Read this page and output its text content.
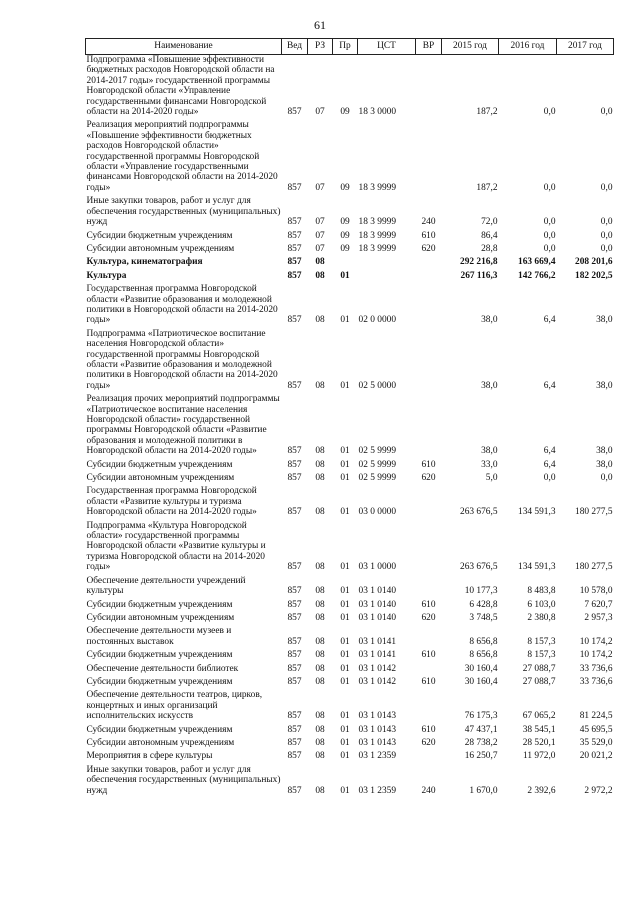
61
Наименование	Вед	РЗ	Пр	ЦСТ	ВР	2015 год	2016 год	2017 год
Подпрограмма «Повышение эффективности бюджетных расходов Новгородской области на 2014-2017 годы» государственной программы Новгородской области «Управление государственными финансами Новгородской области на 2014-2020 годы»	857	07	09	18 3 0000		187,2	0,0	0,0
Реализация мероприятий подпрограммы «Повышение эффективности бюджетных расходов Новгородской области» государственной программы Новгородской области «Управление государственными финансами Новгородской области на 2014-2020 годы»	857	07	09	18 3 9999		187,2	0,0	0,0
Иные закупки товаров, работ и услуг для обеспечения государственных (муниципальных) нужд	857	07	09	18 3 9999	240	72,0	0,0	0,0
Субсидии бюджетным учреждениям	857	07	09	18 3 9999	610	86,4	0,0	0,0
Субсидии автономным учреждениям	857	07	09	18 3 9999	620	28,8	0,0	0,0
Культура, кинематография	857	08				292 216,8	163 669,4	208 201,6
Культура	857	08	01			267 116,3	142 766,2	182 202,5
Государственная программа Новгородской области «Развитие образования и молодежной политики в Новгородской области на 2014-2020 годы»	857	08	01	02 0 0000		38,0	6,4	38,0
Подпрограмма «Патриотическое воспитание населения Новгородской области» государственной программы Новгородской области «Развитие образования и молодежной политики в Новгородской области на 2014-2020 годы»	857	08	01	02 5 0000		38,0	6,4	38,0
Реализация прочих мероприятий подпрограммы «Патриотическое воспитание населения Новгородской области» государственной программы Новгородской области «Развитие образования и молодежной политики в Новгородской области на 2014-2020 годы»	857	08	01	02 5 9999		38,0	6,4	38,0
Субсидии бюджетным учреждениям	857	08	01	02 5 9999	610	33,0	6,4	38,0
Субсидии автономным учреждениям	857	08	01	02 5 9999	620	5,0	0,0	0,0
Государственная программа Новгородской области «Развитие культуры и туризма Новгородской области на 2014-2020 годы»	857	08	01	03 0 0000		263 676,5	134 591,3	180 277,5
Подпрограмма «Культура Новгородской области» государственной программы Новгородской области «Развитие культуры и туризма Новгородской области на 2014-2020 годы»	857	08	01	03 1 0000		263 676,5	134 591,3	180 277,5
Обеспечение деятельности учреждений культуры	857	08	01	03 1 0140		10 177,3	8 483,8	10 578,0
Субсидии бюджетным учреждениям	857	08	01	03 1 0140	610	6 428,8	6 103,0	7 620,7
Субсидии автономным учреждениям	857	08	01	03 1 0140	620	3 748,5	2 380,8	2 957,3
Обеспечение деятельности музеев и постоянных выставок	857	08	01	03 1 0141		8 656,8	8 157,3	10 174,2
Субсидии бюджетным учреждениям	857	08	01	03 1 0141	610	8 656,8	8 157,3	10 174,2
Обеспечение деятельности библиотек	857	08	01	03 1 0142		30 160,4	27 088,7	33 736,6
Субсидии бюджетным учреждениям	857	08	01	03 1 0142	610	30 160,4	27 088,7	33 736,6
Обеспечение деятельности театров, цирков, концертных и иных организаций исполнительских искусств	857	08	01	03 1 0143		76 175,3	67 065,2	81 224,5
Субсидии бюджетным учреждениям	857	08	01	03 1 0143	610	47 437,1	38 545,1	45 695,5
Субсидии автономным учреждениям	857	08	01	03 1 0143	620	28 738,2	28 520,1	35 529,0
Мероприятия в сфере культуры	857	08	01	03 1 2359		16 250,7	11 972,0	20 021,2
Иные закупки товаров, работ и услуг для обеспечения государственных (муниципальных) нужд	857	08	01	03 1 2359	240	1 670,0	2 392,6	2 972,2
